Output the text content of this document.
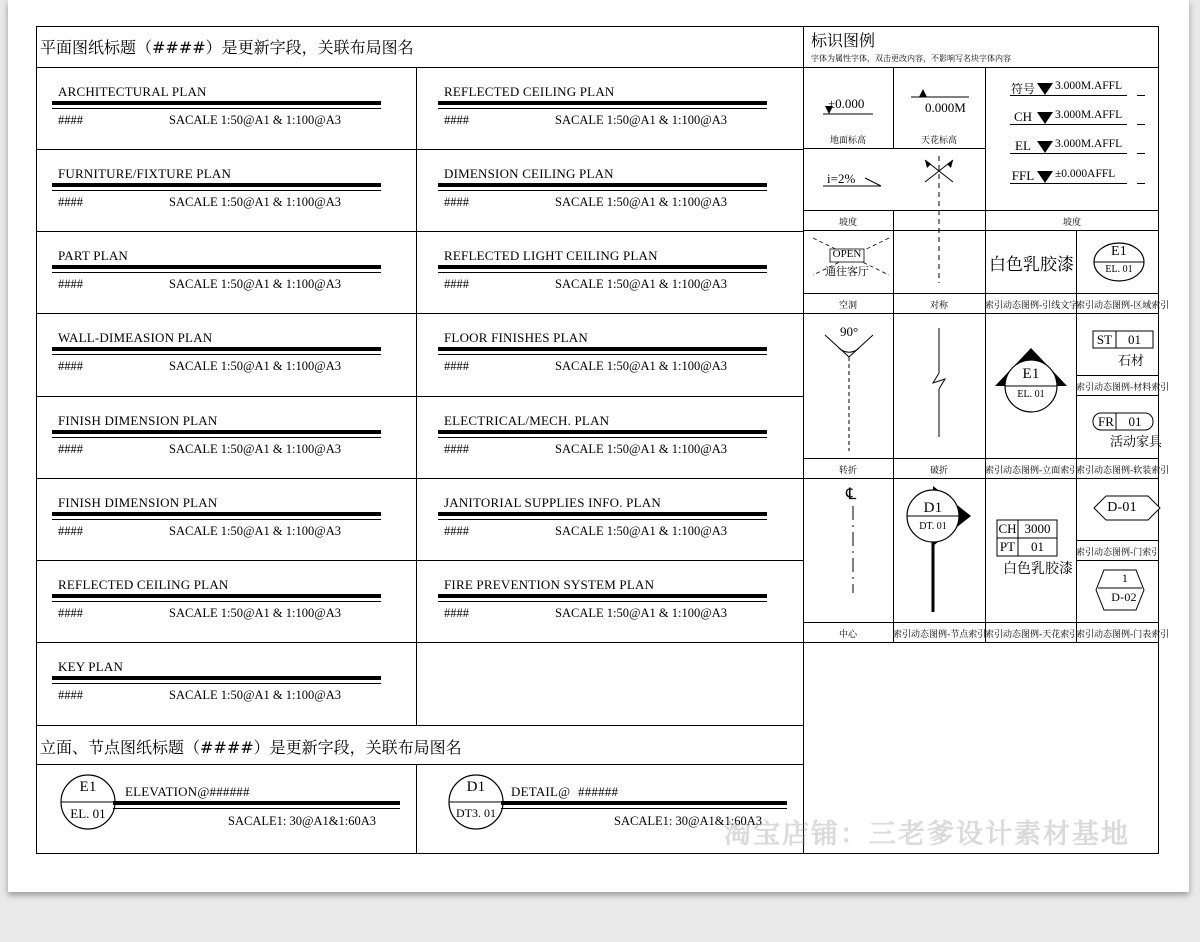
平面图纸标题（####）是更新字段，关联布局图名
ARCHITECTURAL PLAN
####	SACALE 1:50@A1 & 1:100@A3
REFLECTED CEILING PLAN
####	SACALE 1:50@A1 & 1:100@A3
FURNITURE/FIXTURE PLAN
####	SACALE 1:50@A1 & 1:100@A3
DIMENSION CEILING PLAN
####	SACALE 1:50@A1 & 1:100@A3
PART PLAN
####	SACALE 1:50@A1 & 1:100@A3
REFLECTED LIGHT CEILING PLAN
####	SACALE 1:50@A1 & 1:100@A3
WALL-DIMEASION PLAN
####	SACALE 1:50@A1 & 1:100@A3
FLOOR FINISHES PLAN
####	SACALE 1:50@A1 & 1:100@A3
FINISH DIMENSION PLAN
####	SACALE 1:50@A1 & 1:100@A3
ELECTRICAL/MECH. PLAN
####	SACALE 1:50@A1 & 1:100@A3
FINISH DIMENSION PLAN
####	SACALE 1:50@A1 & 1:100@A3
JANITORIAL SUPPLIES INFO. PLAN
####	SACALE 1:50@A1 & 1:100@A3
REFLECTED CEILING PLAN
####	SACALE 1:50@A1 & 1:100@A3
FIRE PREVENTION SYSTEM PLAN
####	SACALE 1:50@A1 & 1:100@A3
KEY PLAN
####	SACALE 1:50@A1 & 1:100@A3
立面、节点图纸标题（####）是更新字段，关联布局图名
E1
EL. 01
ELEVATION@######
SACALE1: 30@A1&1:60A3
D1
DT3. 01
DETAIL@ ######
SACALE1: 30@A1&1:60A3
标识图例
字体为属性字体，双击更改内容，不影响写名块字体内容
±0.000
地面标高
0.000M
天花标高
符号 3.000M.AFFL
CH	3.000M.AFFL
EL	3.000M.AFFL
FFL ±0.000AFFL
坡度
i=2%
坡度
OPEN
通往客厅
空洞	对称
白色乳胶漆
索引动态图例-引线文字
E1
EL. 01
索引动态图例-区域索引
90°
转折	破折
E1
EL. 01
索引动态图例-立面索引
ST	01
石材
索引动态图例-材料索引
FR	01
活动家具
索引动态图例-软装索引
℄
中心
D1
DT. 01
索引动态图例-节点索引
CH 3000
PT	01
白色乳胶漆
索引动态图例-天花索引
D-01
索引动态图例-门索引
1
D-02
索引动态图例-门表索引
淘宝店铺：三老爹设计素材基地
